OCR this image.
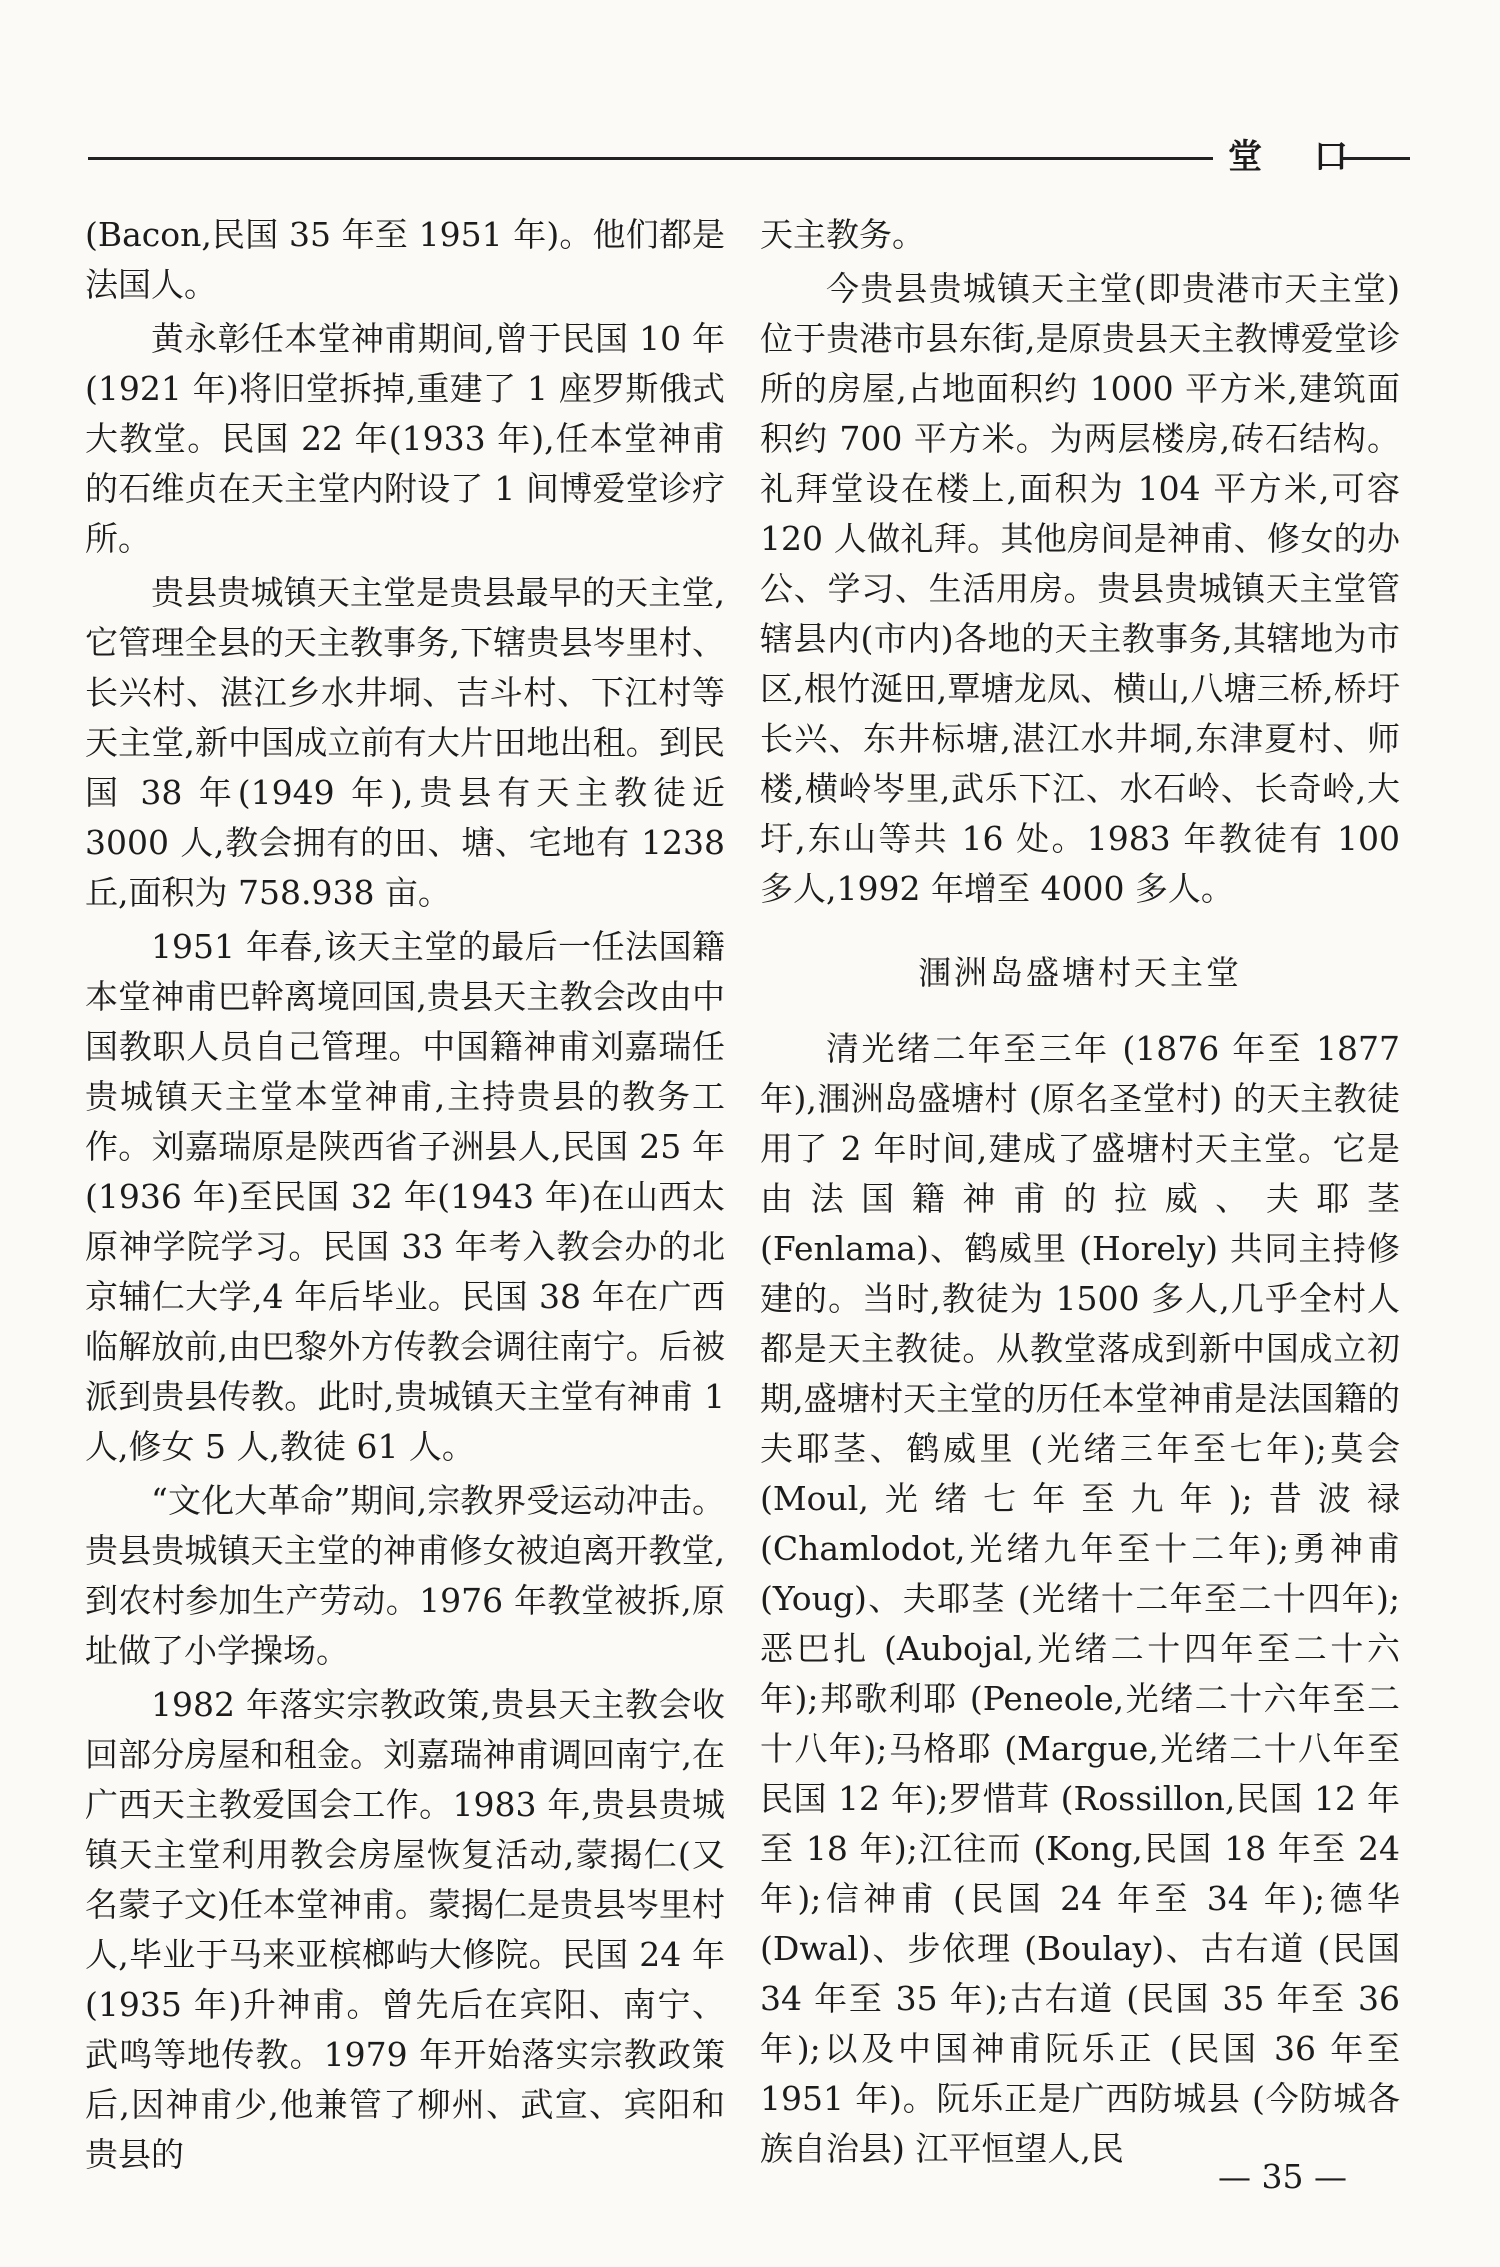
堂 口

(Bacon,民国 35 年至 1951 年)。他们都是法国人。

黄永彰任本堂神甫期间,曾于民国 10 年(1921 年)将旧堂拆掉,重建了 1 座罗斯俄式大教堂。民国 22 年(1933 年),任本堂神甫的石维贞在天主堂内附设了 1 间博爱堂诊疗所。

贵县贵城镇天主堂是贵县最早的天主堂,它管理全县的天主教事务,下辖贵县岑里村、长兴村、湛江乡水井垌、吉斗村、下江村等天主堂,新中国成立前有大片田地出租。到民国 38 年(1949 年),贵县有天主教徒近 3000 人,教会拥有的田、塘、宅地有 1238 丘,面积为 758.938 亩。

1951 年春,该天主堂的最后一任法国籍本堂神甫巴幹离境回国,贵县天主教会改由中国教职人员自己管理。中国籍神甫刘嘉瑞任贵城镇天主堂本堂神甫,主持贵县的教务工作。刘嘉瑞原是陕西省子洲县人,民国 25 年(1936 年)至民国 32 年(1943 年)在山西太原神学院学习。民国 33 年考入教会办的北京辅仁大学,4 年后毕业。民国 38 年在广西临解放前,由巴黎外方传教会调往南宁。后被派到贵县传教。此时,贵城镇天主堂有神甫 1 人,修女 5 人,教徒 61 人。

“文化大革命”期间,宗教界受运动冲击。贵县贵城镇天主堂的神甫修女被迫离开教堂,到农村参加生产劳动。1976 年教堂被拆,原址做了小学操场。

1982 年落实宗教政策,贵县天主教会收回部分房屋和租金。刘嘉瑞神甫调回南宁,在广西天主教爱国会工作。1983 年,贵县贵城镇天主堂利用教会房屋恢复活动,蒙揭仁(又名蒙子文)任本堂神甫。蒙揭仁是贵县岑里村人,毕业于马来亚槟榔屿大修院。民国 24 年(1935 年)升神甫。曾先后在宾阳、南宁、武鸣等地传教。1979 年开始落实宗教政策后,因神甫少,他兼管了柳州、武宣、宾阳和贵县的

天主教务。

今贵县贵城镇天主堂(即贵港市天主堂)位于贵港市县东街,是原贵县天主教博爱堂诊所的房屋,占地面积约 1000 平方米,建筑面积约 700 平方米。为两层楼房,砖石结构。礼拜堂设在楼上,面积为 104 平方米,可容 120 人做礼拜。其他房间是神甫、修女的办公、学习、生活用房。贵县贵城镇天主堂管辖县内(市内)各地的天主教事务,其辖地为市区,根竹涎田,覃塘龙凤、横山,八塘三桥,桥圩长兴、东井标塘,湛江水井垌,东津夏村、师楼,横岭岑里,武乐下江、水石岭、长奇岭,大圩,东山等共 16 处。1983 年教徒有 100 多人,1992 年增至 4000 多人。

涠洲岛盛塘村天主堂

清光绪二年至三年 (1876 年至 1877 年),涠洲岛盛塘村 (原名圣堂村) 的天主教徒用了 2 年时间,建成了盛塘村天主堂。它是由法国籍神甫的拉威、夫耶茎 (Fenlama)、鹤威里 (Horely) 共同主持修建的。当时,教徒为 1500 多人,几乎全村人都是天主教徒。从教堂落成到新中国成立初期,盛塘村天主堂的历任本堂神甫是法国籍的夫耶茎、鹤威里 (光绪三年至七年);莫会 (Moul,光绪七年至九年);昔波禄 (Chamlodot,光绪九年至十二年);勇神甫 (Youg)、夫耶茎 (光绪十二年至二十四年);恶巴扎 (Aubojal,光绪二十四年至二十六年);邦歌利耶 (Peneole,光绪二十六年至二十八年);马格耶 (Margue,光绪二十八年至民国 12 年);罗惜茸 (Rossillon,民国 12 年至 18 年);江往而 (Kong,民国 18 年至 24 年);信神甫 (民国 24 年至 34 年);德华 (Dwal)、步依理 (Boulay)、古右道 (民国 34 年至 35 年);古右道 (民国 35 年至 36 年);以及中国神甫阮乐正 (民国 36 年至 1951 年)。阮乐正是广西防城县 (今防城各族自治县) 江平恒望人,民

— 35 —
